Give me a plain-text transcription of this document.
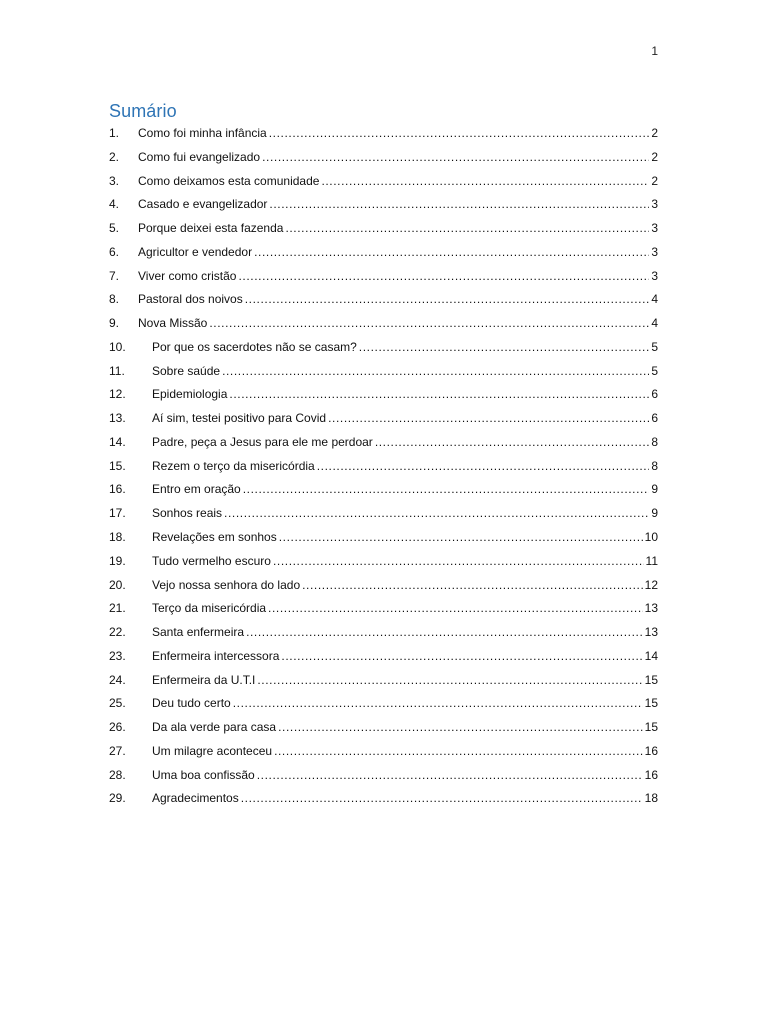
1
Sumário
1.	Como foi minha infância .....	2
2.	Como fui evangelizado .....	2
3.	Como deixamos esta comunidade .....	2
4.	Casado e evangelizador .....	3
5.	Porque deixei esta fazenda .....	3
6.	Agricultor e vendedor .....	3
7.	Viver como cristão .....	3
8.	Pastoral dos noivos .....	4
9.	Nova Missão .....	4
10.	Por que os sacerdotes não se casam? .....	5
11.	Sobre saúde .....	5
12.	Epidemiologia .....	6
13.	Aí sim, testei positivo para Covid .....	6
14.	Padre, peça a Jesus para ele me perdoar .....	8
15.	Rezem o terço da misericórdia .....	8
16.	Entro em oração .....	9
17.	Sonhos reais .....	9
18.	Revelações em sonhos .....	10
19.	Tudo vermelho escuro .....	11
20.	Vejo nossa senhora do lado .....	12
21.	Terço da misericórdia .....	13
22.	Santa enfermeira .....	13
23.	Enfermeira intercessora .....	14
24.	Enfermeira da U.T.I .....	15
25.	Deu tudo certo .....	15
26.	Da ala verde para casa .....	15
27.	Um milagre aconteceu .....	16
28.	Uma boa confissão .....	16
29.	Agradecimentos .....	18
